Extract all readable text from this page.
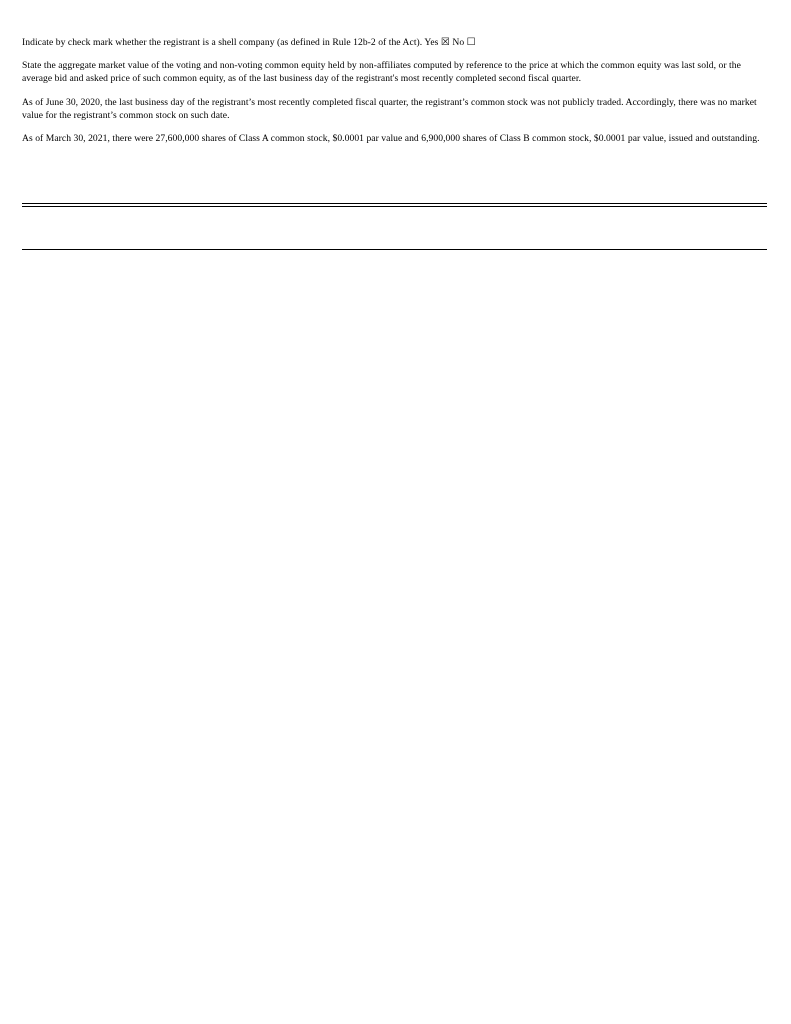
Indicate by check mark whether the registrant is a shell company (as defined in Rule 12b-2 of the Act). Yes ☒ No ☐

State the aggregate market value of the voting and non-voting common equity held by non-affiliates computed by reference to the price at which the common equity was last sold, or the average bid and asked price of such common equity, as of the last business day of the registrant's most recently completed second fiscal quarter.

As of June 30, 2020, the last business day of the registrant’s most recently completed fiscal quarter, the registrant’s common stock was not publicly traded. Accordingly, there was no market value for the registrant’s common stock on such date.

As of March 30, 2021, there were 27,600,000 shares of Class A common stock, $0.0001 par value and 6,900,000 shares of Class B common stock, $0.0001 par value, issued and outstanding.
